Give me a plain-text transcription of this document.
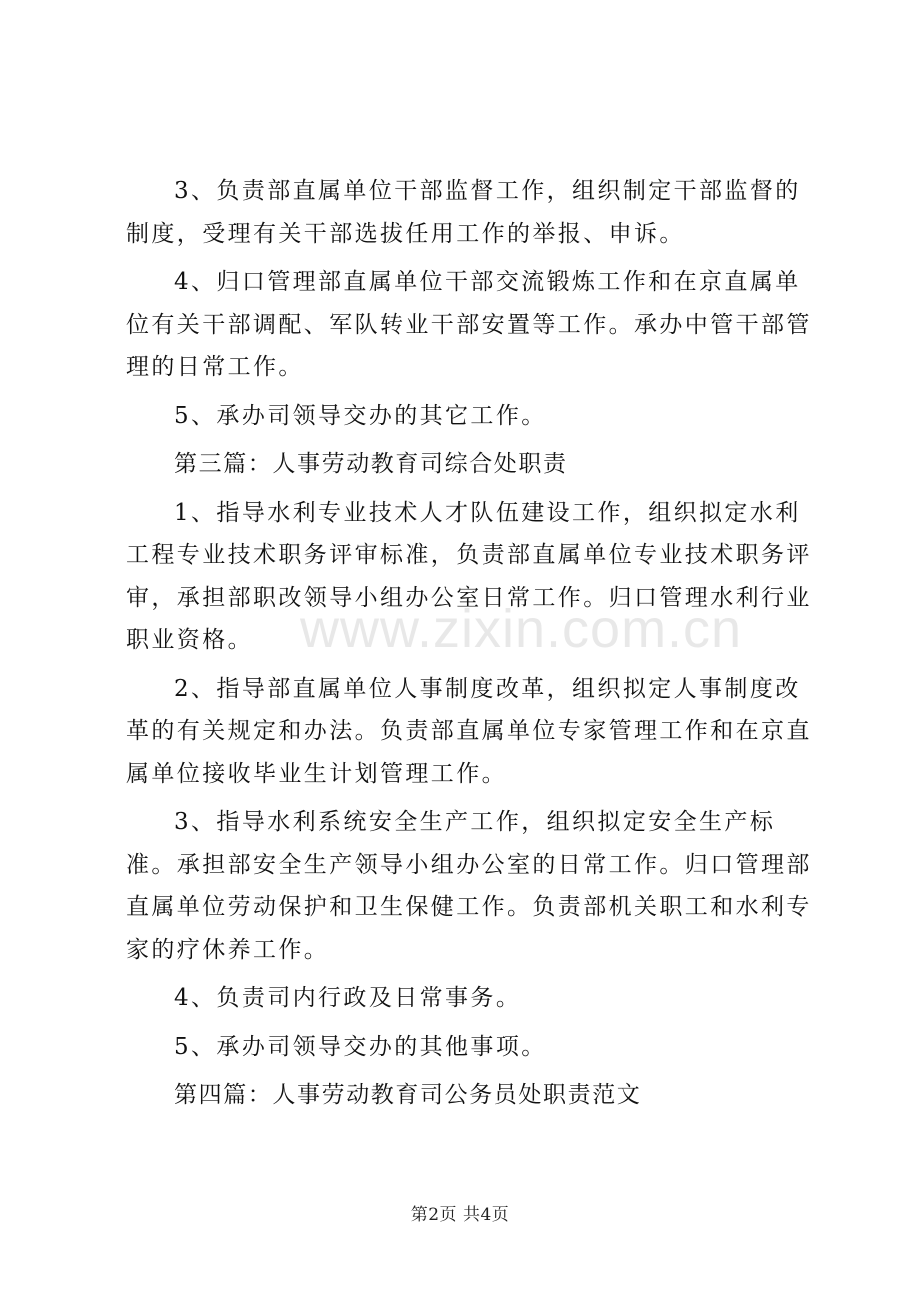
3、负责部直属单位干部监督工作，组织制定干部监督的制度，受理有关干部选拔任用工作的举报、申诉。

4、归口管理部直属单位干部交流锻炼工作和在京直属单位有关干部调配、军队转业干部安置等工作。承办中管干部管理的日常工作。

5、承办司领导交办的其它工作。

第三篇：人事劳动教育司综合处职责

1、指导水利专业技术人才队伍建设工作，组织拟定水利工程专业技术职务评审标准，负责部直属单位专业技术职务评审，承担部职改领导小组办公室日常工作。归口管理水利行业职业资格。

2、指导部直属单位人事制度改革，组织拟定人事制度改革的有关规定和办法。负责部直属单位专家管理工作和在京直属单位接收毕业生计划管理工作。

3、指导水利系统安全生产工作，组织拟定安全生产标准。承担部安全生产领导小组办公室的日常工作。归口管理部直属单位劳动保护和卫生保健工作。负责部机关职工和水利专家的疗休养工作。

4、负责司内行政及日常事务。

5、承办司领导交办的其他事项。

第四篇：人事劳动教育司公务员处职责范文

www.zixin.com.cn
第2页 共4页
